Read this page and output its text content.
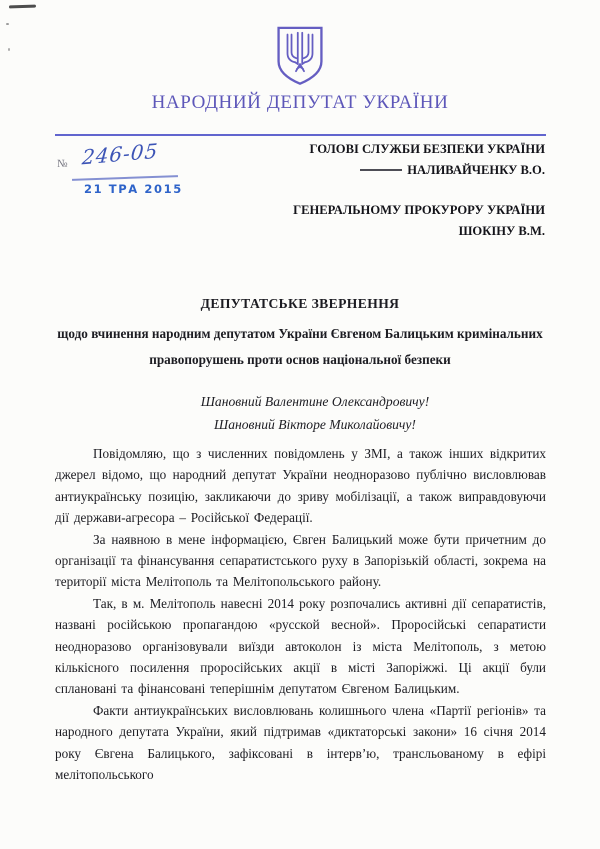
НАРОДНИЙ ДЕПУТАТ УКРАЇНИ
№ 246-05
21 ТРА 2015
ГОЛОВІ СЛУЖБИ БЕЗПЕКИ УКРАЇНИ
НАЛИВАЙЧЕНКУ В.О.
ГЕНЕРАЛЬНОМУ ПРОКУРОРУ УКРАЇНИ
ШОКІНУ В.М.
ДЕПУТАТСЬКЕ ЗВЕРНЕННЯ
щодо вчинення народним депутатом України Євгеном Балицьким кримінальних правопорушень проти основ національної безпеки
Шановний Валентине Олександровичу!
Шановний Вікторе Миколайовичу!

Повідомляю, що з численних повідомлень у ЗМІ, а також інших відкритих джерел відомо, що народний депутат України неодноразово публічно висловлював антиукраїнську позицію, закликаючи до зриву мобілізації, а також виправдовуючи дії держави-агресора – Російської Федерації.

За наявною в мене інформацією, Євген Балицький може бути причетним до організації та фінансування сепаратистського руху в Запорізькій області, зокрема на території міста Мелітополь та Мелітопольського району.

Так, в м. Мелітополь навесні 2014 року розпочались активні дії сепаратистів, названі російською пропагандою «русской весной». Проросійські сепаратисти неодноразово організовували виїзди автоколон із міста Мелітополь, з метою кількісного посилення проросійських акції в місті Запоріжжі. Ці акції були сплановані та фінансовані теперішнім депутатом Євгеном Балицьким.

Факти антиукраїнських висловлювань колишнього члена «Партії регіонів» та народного депутата України, який підтримав «диктаторські закони» 16 січня 2014 року Євгена Балицького, зафіксовані в інтерв’ю, трансльованому в ефірі мелітопольського
